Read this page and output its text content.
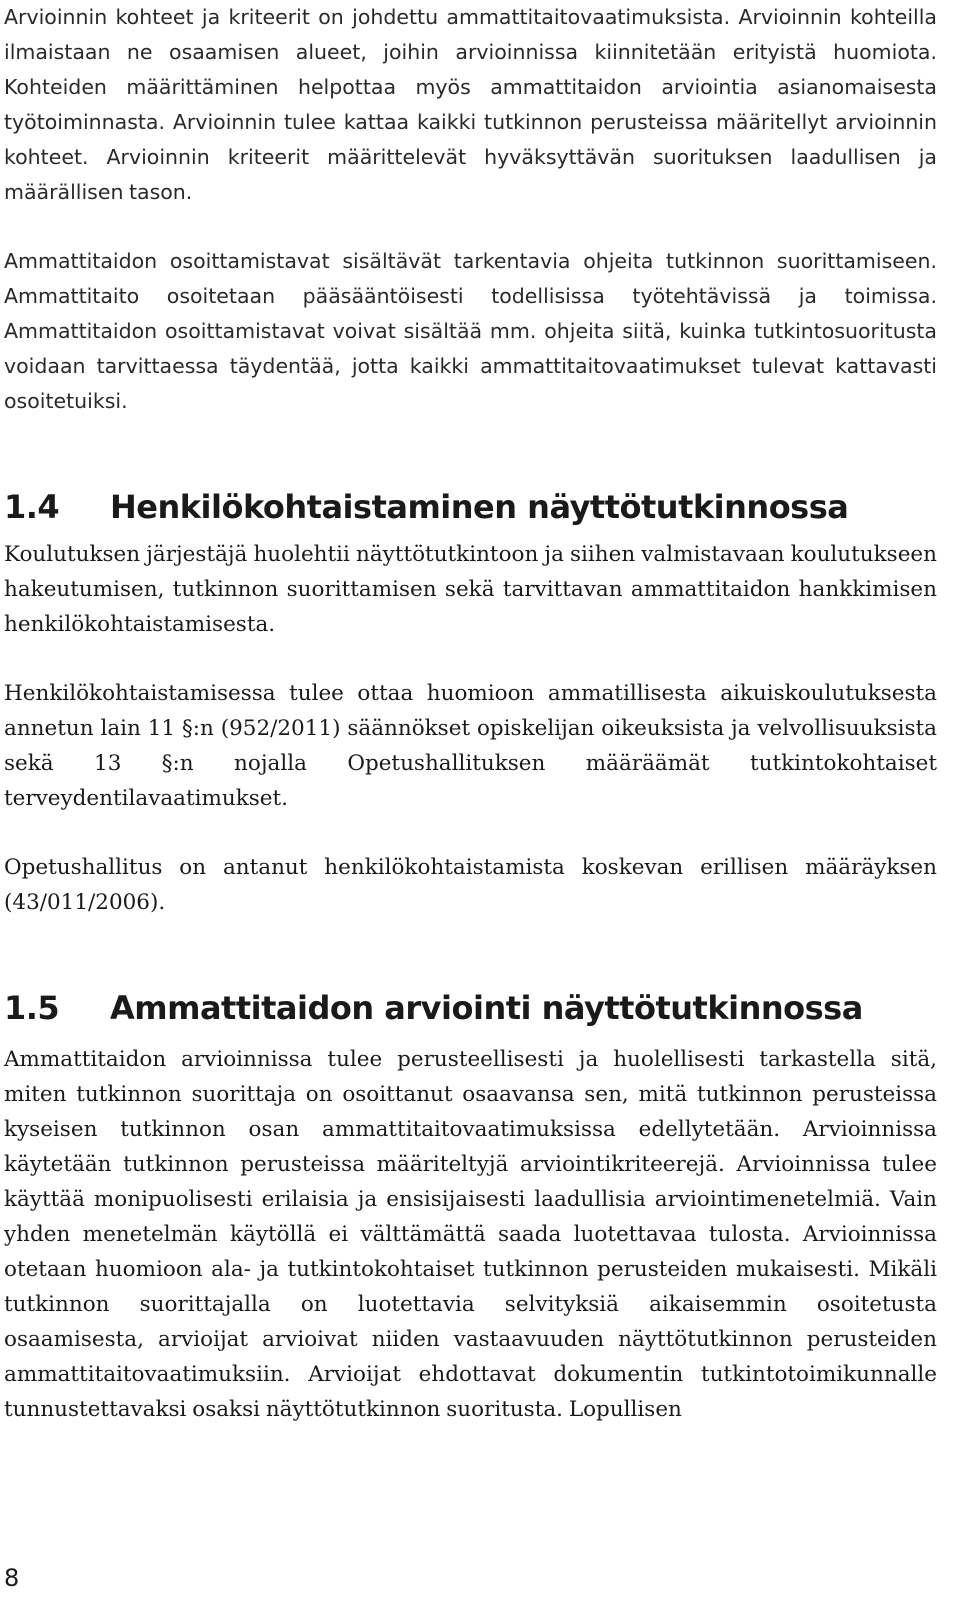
Arvioinnin kohteet ja kriteerit on johdettu ammattitaitovaatimuksista. Arvioinnin kohteilla ilmaistaan ne osaamisen alueet, joihin arvioinnissa kiinnitetään erityistä huomiota. Kohteiden määrittäminen helpottaa myös ammattitaidon arviointia asianomaisesta työtoiminnasta. Arvioinnin tulee kattaa kaikki tutkinnon perusteissa määritellyt arvioinnin kohteet. Arvioinnin kriteerit määrittelevät hyväksyttävän suorituksen laadullisen ja määrällisen tason.

Ammattitaidon osoittamistavat sisältävät tarkentavia ohjeita tutkinnon suorittamiseen. Ammattitaito osoitetaan pääsääntöisesti todellisissa työtehtävissä ja toimissa. Ammattitaidon osoittamistavat voivat sisältää mm. ohjeita siitä, kuinka tutkintosuoritusta voidaan tarvittaessa täydentää, jotta kaikki ammattitaitovaatimukset tulevat kattavasti osoitetuiksi.

1.4	Henkilökohtaistaminen näyttötutkinnossa

Koulutuksen järjestäjä huolehtii näyttötutkintoon ja siihen valmistavaan koulutukseen hakeutumisen, tutkinnon suorittamisen sekä tarvittavan ammattitaidon hankkimisen henkilökohtaistamisesta.

Henkilökohtaistamisessa tulee ottaa huomioon ammatillisesta aikuiskoulutuksesta annetun lain 11 §:n (952/2011) säännökset opiskelijan oikeuksista ja velvollisuuksista sekä 13 §:n nojalla Opetushallituksen määräämät tutkintokohtaiset terveydentilavaatimukset.

Opetushallitus on antanut henkilökohtaistamista koskevan erillisen määräyksen (43/011/2006).

1.5	Ammattitaidon arviointi näyttötutkinnossa

Ammattitaidon arvioinnissa tulee perusteellisesti ja huolellisesti tarkastella sitä, miten tutkinnon suorittaja on osoittanut osaavansa sen, mitä tutkinnon perusteissa kyseisen tutkinnon osan ammattitaitovaatimuksissa edellytetään. Arvioinnissa käytetään tutkinnon perusteissa määriteltyjä arviointikriteerejä. Arvioinnissa tulee käyttää monipuolisesti erilaisia ja ensisijaisesti laadullisia arviointimenetelmiä. Vain yhden menetelmän käytöllä ei välttämättä saada luotettavaa tulosta. Arvioinnissa otetaan huomioon ala- ja tutkintokohtaiset tutkinnon perusteiden mukaisesti. Mikäli tutkinnon suorittajalla on luotettavia selvityksiä aikaisemmin osoitetusta osaamisesta, arvioijat arvioivat niiden vastaavuuden näyttötutkinnon perusteiden ammattitaitovaatimuksiin. Arvioijat ehdottavat dokumentin tutkintotoimikunnalle tunnustettavaksi osaksi näyttötutkinnon suoritusta. Lopullisen

8
